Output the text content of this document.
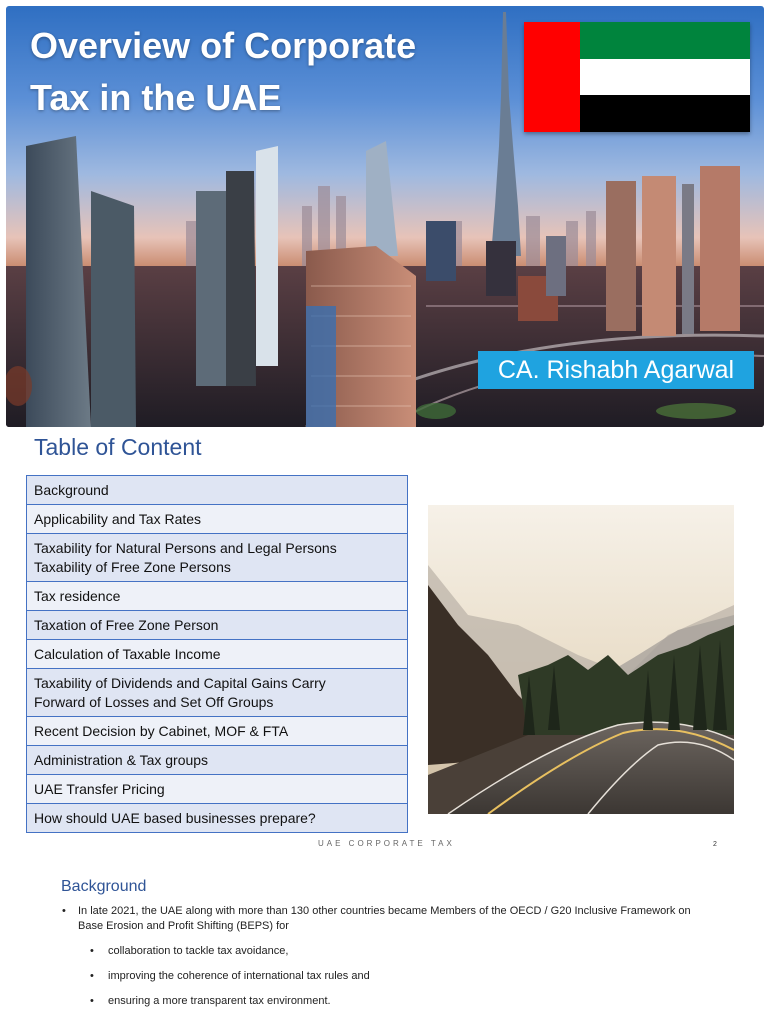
Overview of Corporate
Tax in the UAE
CA. Rishabh Agarwal
Table of Content
Background
Applicability and Tax Rates
Taxability for Natural Persons and Legal Persons
Taxability of Free Zone Persons
Tax residence
Taxation of Free Zone Person
Calculation of Taxable Income
Taxability of Dividends and Capital Gains Carry
Forward of Losses and Set Off Groups
Recent Decision by Cabinet, MOF & FTA
Administration & Tax groups
UAE Transfer Pricing
How should UAE based businesses prepare?
UAE CORPORATE TAX	2
Background
• In late 2021, the UAE along with more than 130 other countries became Members of the OECD / G20 Inclusive Framework on Base Erosion and Profit Shifting (BEPS) for
• collaboration to tackle tax avoidance,
• improving the coherence of international tax rules and
• ensuring a more transparent tax environment.
